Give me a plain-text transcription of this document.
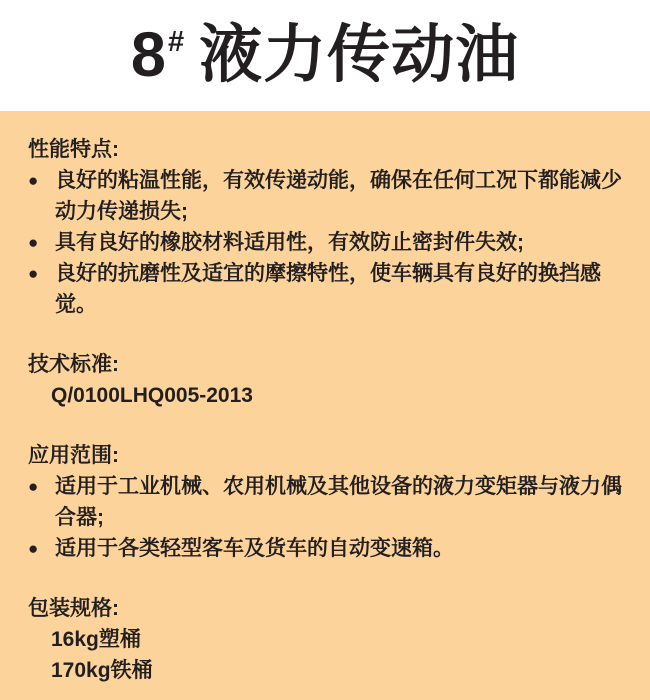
8# 液力传动油
性能特点:

● 良好的粘温性能，有效传递动能，确保在任何工况下都能减少动力传递损失;

● 具有良好的橡胶材料适用性，有效防止密封件失效;

● 良好的抗磨性及适宜的摩擦特性，使车辆具有良好的换挡感觉。

技术标准:

Q/0100LHQ005-2013

应用范围:

● 适用于工业机械、农用机械及其他设备的液力变矩器与液力偶合器;

● 适用于各类轻型客车及货车的自动变速箱。

包装规格:

16kg塑桶

170kg铁桶
